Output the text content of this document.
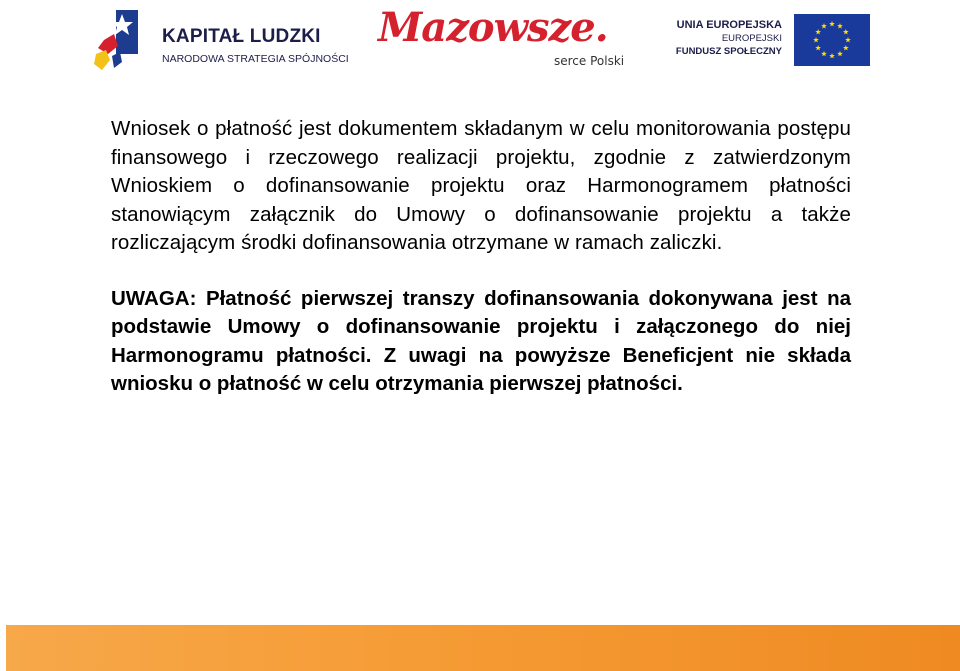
KAPITAŁ LUDZKI
NARODOWA STRATEGIA SPÓJNOŚCI
Mazowsze.
serce Polski
UNIA EUROPEJSKA
EUROPEJSKI
FUNDUSZ SPOŁECZNY

Wniosek o płatność jest dokumentem składanym w celu monitorowania postępu finansowego i rzeczowego realizacji projektu, zgodnie z zatwierdzonym Wnioskiem o dofinansowanie projektu oraz Harmonogramem płatności stanowiącym załącznik do Umowy o dofinansowanie projektu a także rozliczającym środki dofinansowania otrzymane w ramach zaliczki.

UWAGA: Płatność pierwszej transzy dofinansowania dokonywana jest na podstawie Umowy o dofinansowanie projektu i załączonego do niej Harmonogramu płatności. Z uwagi na powyższe Beneficjent nie składa wniosku o płatność w celu otrzymania pierwszej płatności.
